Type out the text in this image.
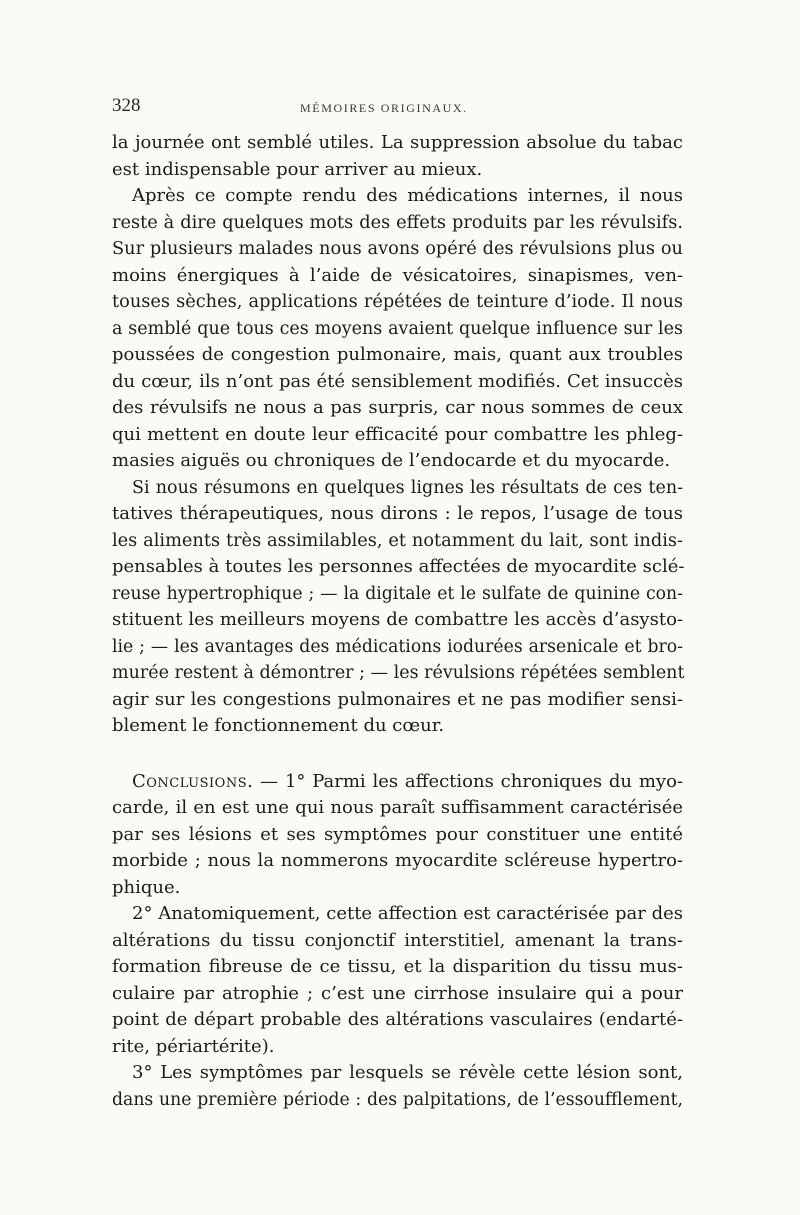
328	MÉMOIRES ORIGINAUX.
la journée ont semblé utiles. La suppression absolue du tabac
est indispensable pour arriver au mieux.
Après ce compte rendu des médications internes, il nous
reste à dire quelques mots des effets produits par les révulsifs.
Sur plusieurs malades nous avons opéré des révulsions plus ou
moins énergiques à l’aide de vésicatoires, sinapismes, ven-
touses sèches, applications répétées de teinture d’iode. Il nous
a semblé que tous ces moyens avaient quelque influence sur les
poussées de congestion pulmonaire, mais, quant aux troubles
du cœur, ils n’ont pas été sensiblement modifiés. Cet insuccès
des révulsifs ne nous a pas surpris, car nous sommes de ceux
qui mettent en doute leur efficacité pour combattre les phleg-
masies aiguës ou chroniques de l’endocarde et du myocarde.
Si nous résumons en quelques lignes les résultats de ces ten-
tatives thérapeutiques, nous dirons : le repos, l’usage de tous
les aliments très assimilables, et notamment du lait, sont indis-
pensables à toutes les personnes affectées de myocardite sclé-
reuse hypertrophique ; — la digitale et le sulfate de quinine con-
stituent les meilleurs moyens de combattre les accès d’asysto-
lie ; — les avantages des médications iodurées arsenicale et bro-
murée restent à démontrer ; — les révulsions répétées semblent
agir sur les congestions pulmonaires et ne pas modifier sensi-
blement le fonctionnement du cœur.
Conclusions. — 1° Parmi les affections chroniques du myo-
carde, il en est une qui nous paraît suffisamment caractérisée
par ses lésions et ses symptômes pour constituer une entité
morbide ; nous la nommerons myocardite scléreuse hypertro-
phique.
2° Anatomiquement, cette affection est caractérisée par des
altérations du tissu conjonctif interstitiel, amenant la trans-
formation fibreuse de ce tissu, et la disparition du tissu mus-
culaire par atrophie ; c’est une cirrhose insulaire qui a pour
point de départ probable des altérations vasculaires (endarté-
rite, périartérite).
3° Les symptômes par lesquels se révèle cette lésion sont,
dans une première période : des palpitations, de l’essoufflement,
